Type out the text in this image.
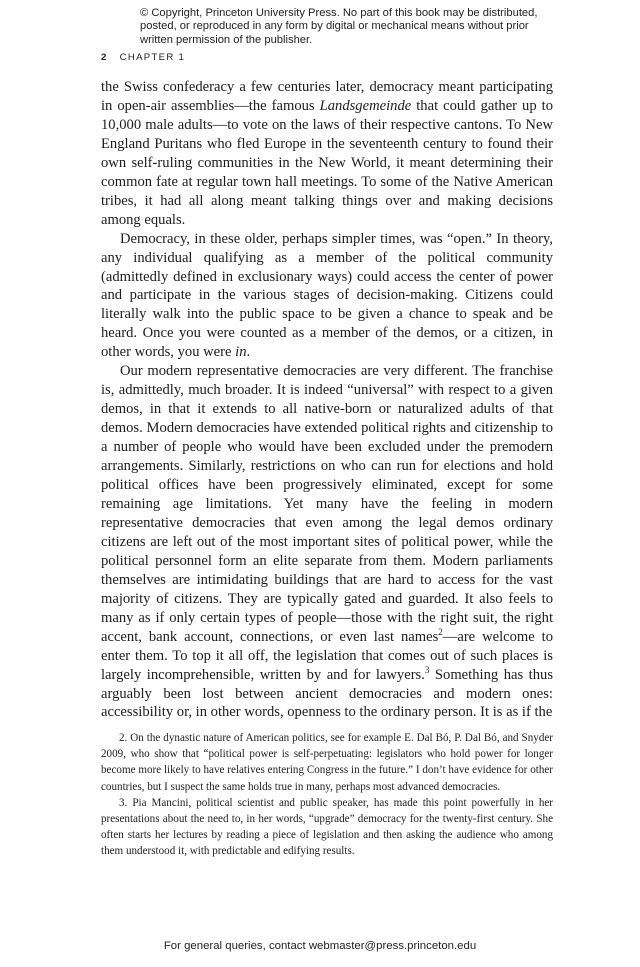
© Copyright, Princeton University Press. No part of this book may be distributed, posted, or reproduced in any form by digital or mechanical means without prior written permission of the publisher.
2 CHAPTER 1

the Swiss confederacy a few centuries later, democracy meant participating in open-air assemblies—the famous Landsgemeinde that could gather up to 10,000 male adults—to vote on the laws of their respective cantons. To New England Puritans who fled Europe in the seventeenth century to found their own self-ruling communities in the New World, it meant determining their common fate at regular town hall meetings. To some of the Native American tribes, it had all along meant talking things over and making decisions among equals.

Democracy, in these older, perhaps simpler times, was “open.” In theory, any individual qualifying as a member of the political community (admittedly defined in exclusionary ways) could access the center of power and participate in the various stages of decision-making. Citizens could literally walk into the public space to be given a chance to speak and be heard. Once you were counted as a member of the demos, or a citizen, in other words, you were in.

Our modern representative democracies are very different. The franchise is, admittedly, much broader. It is indeed “universal” with respect to a given demos, in that it extends to all native-born or naturalized adults of that demos. Modern democracies have extended political rights and citizenship to a number of people who would have been excluded under the premodern arrangements. Similarly, restrictions on who can run for elections and hold political offices have been progressively eliminated, except for some remaining age limitations. Yet many have the feeling in modern representative democracies that even among the legal demos ordinary citizens are left out of the most important sites of political power, while the political personnel form an elite separate from them. Modern parliaments themselves are intimidating buildings that are hard to access for the vast majority of citizens. They are typically gated and guarded. It also feels to many as if only certain types of people—those with the right suit, the right accent, bank account, connections, or even last names$^2$—are welcome to enter them. To top it all off, the legislation that comes out of such places is largely incomprehensible, written by and for lawyers.$^3$ Something has thus arguably been lost between ancient democracies and modern ones: accessibility or, in other words, openness to the ordinary person. It is as if the

2. On the dynastic nature of American politics, see for example E. Dal Bó, P. Dal Bó, and Snyder 2009, who show that “political power is self-perpetuating: legislators who hold power for longer become more likely to have relatives entering Congress in the future.” I don’t have evidence for other countries, but I suspect the same holds true in many, perhaps most advanced democracies.

3. Pia Mancini, political scientist and public speaker, has made this point powerfully in her presentations about the need to, in her words, “upgrade” democracy for the twenty-first century. She often starts her lectures by reading a piece of legislation and then asking the audience who among them understood it, with predictable and edifying results.

For general queries, contact webmaster@press.princeton.edu
